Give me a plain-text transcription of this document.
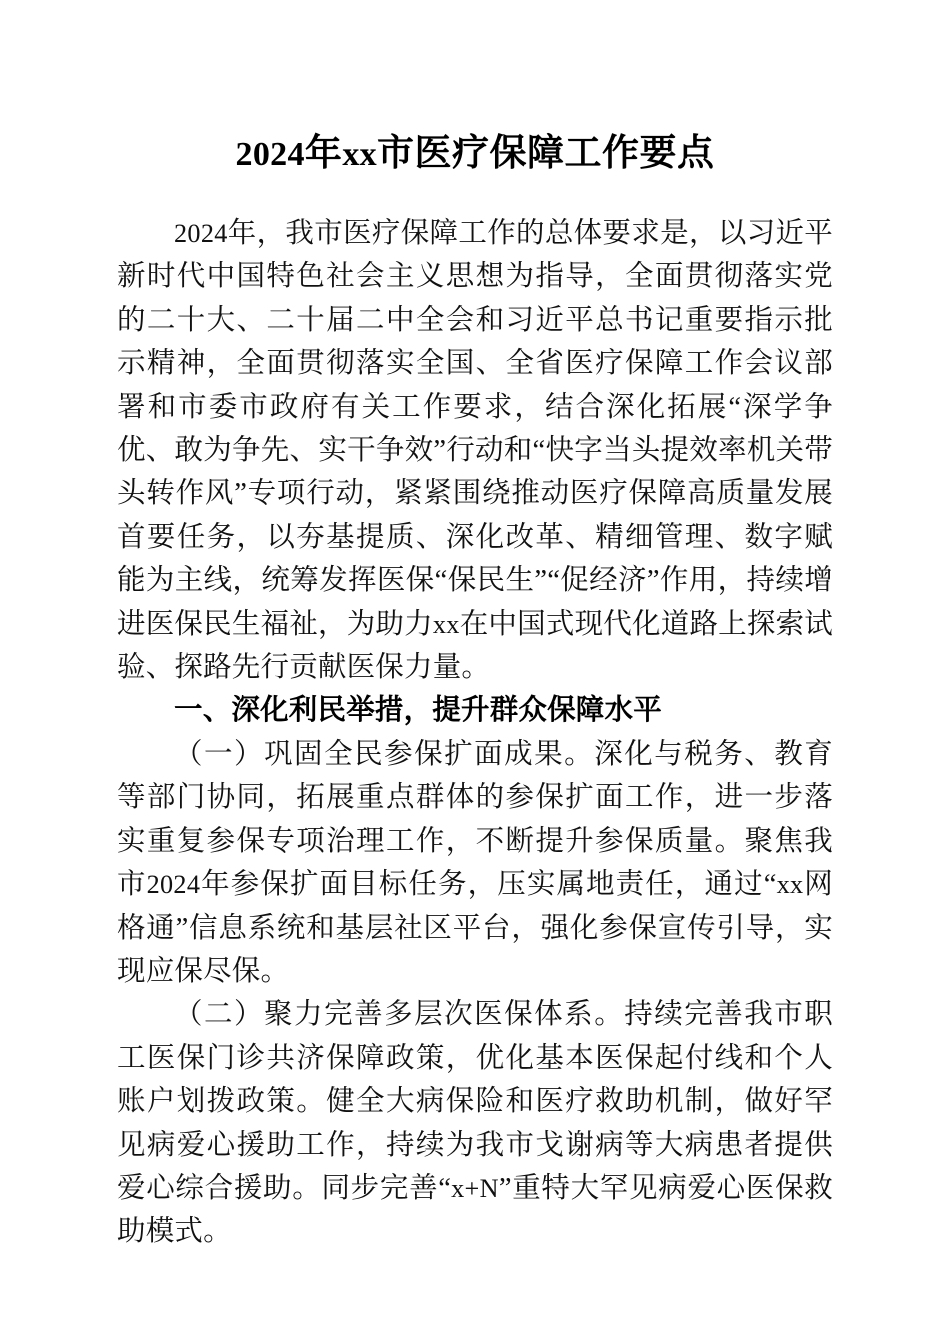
2024年xx市医疗保障工作要点

2024年，我市医疗保障工作的总体要求是，以习近平新时代中国特色社会主义思想为指导，全面贯彻落实党的二十大、二十届二中全会和习近平总书记重要指示批示精神，全面贯彻落实全国、全省医疗保障工作会议部署和市委市政府有关工作要求，结合深化拓展“深学争优、敢为争先、实干争效”行动和“快字当头提效率机关带头转作风”专项行动，紧紧围绕推动医疗保障高质量发展首要任务，以夯基提质、深化改革、精细管理、数字赋能为主线，统筹发挥医保“保民生”“促经济”作用，持续增进医保民生福祉，为助力xx在中国式现代化道路上探索试验、探路先行贡献医保力量。

一、深化利民举措，提升群众保障水平

（一）巩固全民参保扩面成果。深化与税务、教育等部门协同，拓展重点群体的参保扩面工作，进一步落实重复参保专项治理工作，不断提升参保质量。聚焦我市2024年参保扩面目标任务，压实属地责任，通过“xx网格通”信息系统和基层社区平台，强化参保宣传引导，实现应保尽保。

（二）聚力完善多层次医保体系。持续完善我市职工医保门诊共济保障政策，优化基本医保起付线和个人账户划拨政策。健全大病保险和医疗救助机制，做好罕见病爱心援助工作，持续为我市戈谢病等大病患者提供爱心综合援助。同步完善“x+N”重特大罕见病爱心医保救助模式。
